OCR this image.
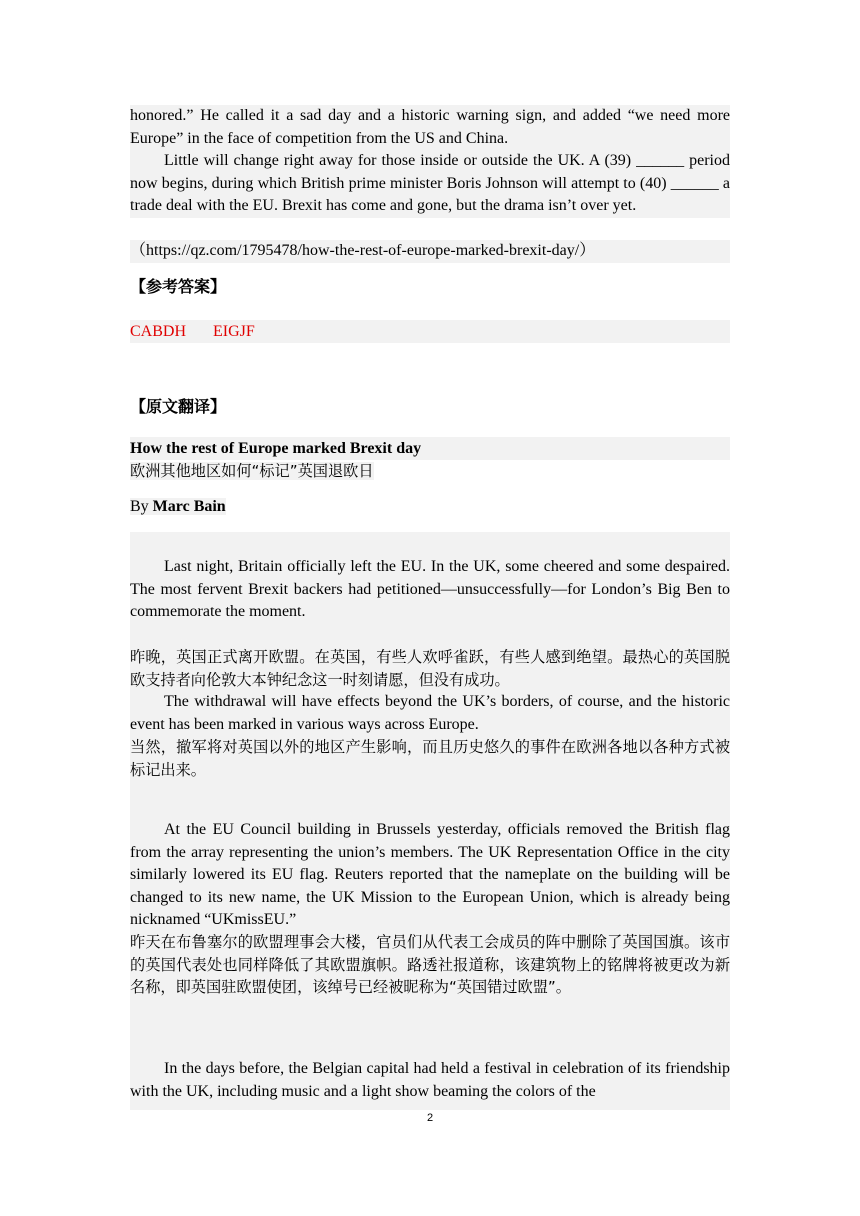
honored.” He called it a sad day and a historic warning sign, and added “we need more Europe” in the face of competition from the US and China.
Little will change right away for those inside or outside the UK. A (39) ______ period now begins, during which British prime minister Boris Johnson will attempt to (40) ______ a trade deal with the EU. Brexit has come and gone, but the drama isn’t over yet.
（https://qz.com/1795478/how-the-rest-of-europe-marked-brexit-day/）
【参考答案】
CABDH EIGJF
【原文翻译】
How the rest of Europe marked Brexit day
欧洲其他地区如何“标记”英国退欧日
By Marc Bain
Last night, Britain officially left the EU. In the UK, some cheered and some despaired. The most fervent Brexit backers had petitioned—unsuccessfully—for London’s Big Ben to commemorate the moment.
昨晚，英国正式离开欧盟。在英国，有些人欢呼雀跃，有些人感到绝望。最热心的英国脱欧支持者向伦敦大本钟纪念这一时刻请愿，但没有成功。
The withdrawal will have effects beyond the UK’s borders, of course, and the historic event has been marked in various ways across Europe.
当然，撤军将对英国以外的地区产生影响，而且历史悠久的事件在欧洲各地以各种方式被标记出来。
At the EU Council building in Brussels yesterday, officials removed the British flag from the array representing the union’s members. The UK Representation Office in the city similarly lowered its EU flag. Reuters reported that the nameplate on the building will be changed to its new name, the UK Mission to the European Union, which is already being nicknamed “UKmissEU.”
昨天在布鲁塞尔的欧盟理事会大楼，官员们从代表工会成员的阵中删除了英国国旗。该市的英国代表处也同样降低了其欧盟旗帜。路透社报道称，该建筑物上的铭牌将被更改为新名称，即英国驻欧盟使团，该绰号已经被昵称为“英国错过欧盟”。
In the days before, the Belgian capital had held a festival in celebration of its friendship with the UK, including music and a light show beaming the colors of the
2
